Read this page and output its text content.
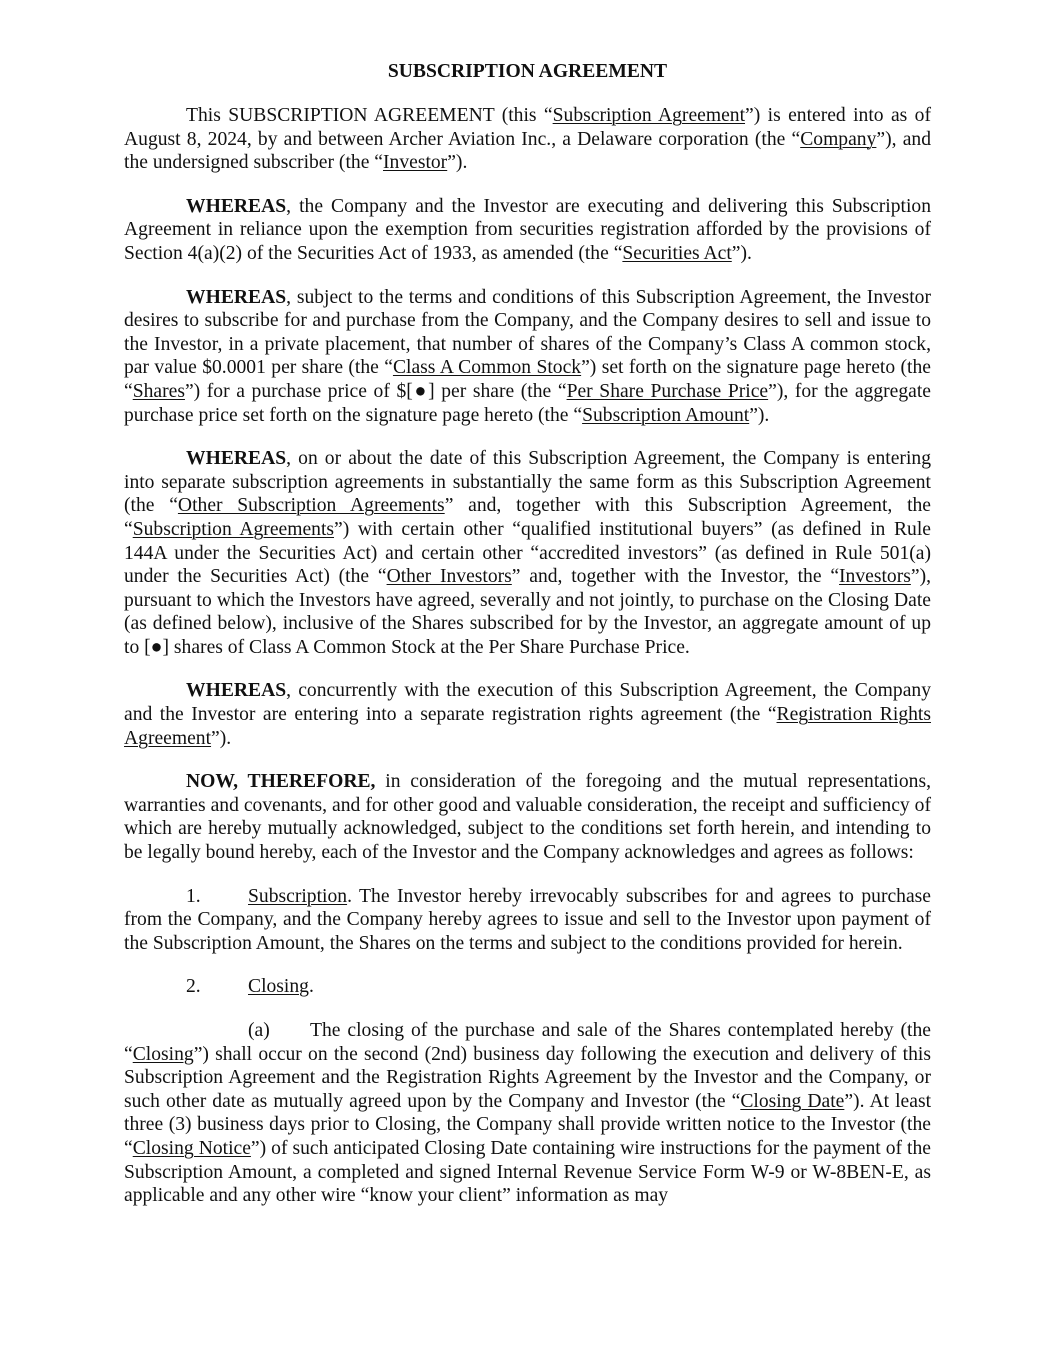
SUBSCRIPTION AGREEMENT

This SUBSCRIPTION AGREEMENT (this “Subscription Agreement”) is entered into as of August 8, 2024, by and between Archer Aviation Inc., a Delaware corporation (the “Company”), and the undersigned subscriber (the “Investor”).

WHEREAS, the Company and the Investor are executing and delivering this Subscription Agreement in reliance upon the exemption from securities registration afforded by the provisions of Section 4(a)(2) of the Securities Act of 1933, as amended (the “Securities Act”).

WHEREAS, subject to the terms and conditions of this Subscription Agreement, the Investor desires to subscribe for and purchase from the Company, and the Company desires to sell and issue to the Investor, in a private placement, that number of shares of the Company’s Class A common stock, par value $0.0001 per share (the “Class A Common Stock”) set forth on the signature page hereto (the “Shares”) for a purchase price of $[●] per share (the “Per Share Purchase Price”), for the aggregate purchase price set forth on the signature page hereto (the “Subscription Amount”).

WHEREAS, on or about the date of this Subscription Agreement, the Company is entering into separate subscription agreements in substantially the same form as this Subscription Agreement (the “Other Subscription Agreements” and, together with this Subscription Agreement, the “Subscription Agreements”) with certain other “qualified institutional buyers” (as defined in Rule 144A under the Securities Act) and certain other “accredited investors” (as defined in Rule 501(a) under the Securities Act) (the “Other Investors” and, together with the Investor, the “Investors”), pursuant to which the Investors have agreed, severally and not jointly, to purchase on the Closing Date (as defined below), inclusive of the Shares subscribed for by the Investor, an aggregate amount of up to [●] shares of Class A Common Stock at the Per Share Purchase Price.

WHEREAS, concurrently with the execution of this Subscription Agreement, the Company and the Investor are entering into a separate registration rights agreement (the “Registration Rights Agreement”).

NOW, THEREFORE, in consideration of the foregoing and the mutual representations, warranties and covenants, and for other good and valuable consideration, the receipt and sufficiency of which are hereby mutually acknowledged, subject to the conditions set forth herein, and intending to be legally bound hereby, each of the Investor and the Company acknowledges and agrees as follows:

1. Subscription. The Investor hereby irrevocably subscribes for and agrees to purchase from the Company, and the Company hereby agrees to issue and sell to the Investor upon payment of the Subscription Amount, the Shares on the terms and subject to the conditions provided for herein.

2. Closing.

(a) The closing of the purchase and sale of the Shares contemplated hereby (the “Closing”) shall occur on the second (2nd) business day following the execution and delivery of this Subscription Agreement and the Registration Rights Agreement by the Investor and the Company, or such other date as mutually agreed upon by the Company and Investor (the “Closing Date”). At least three (3) business days prior to Closing, the Company shall provide written notice to the Investor (the “Closing Notice”) of such anticipated Closing Date containing wire instructions for the payment of the Subscription Amount, a completed and signed Internal Revenue Service Form W-9 or W-8BEN-E, as applicable and any other wire “know your client” information as may
